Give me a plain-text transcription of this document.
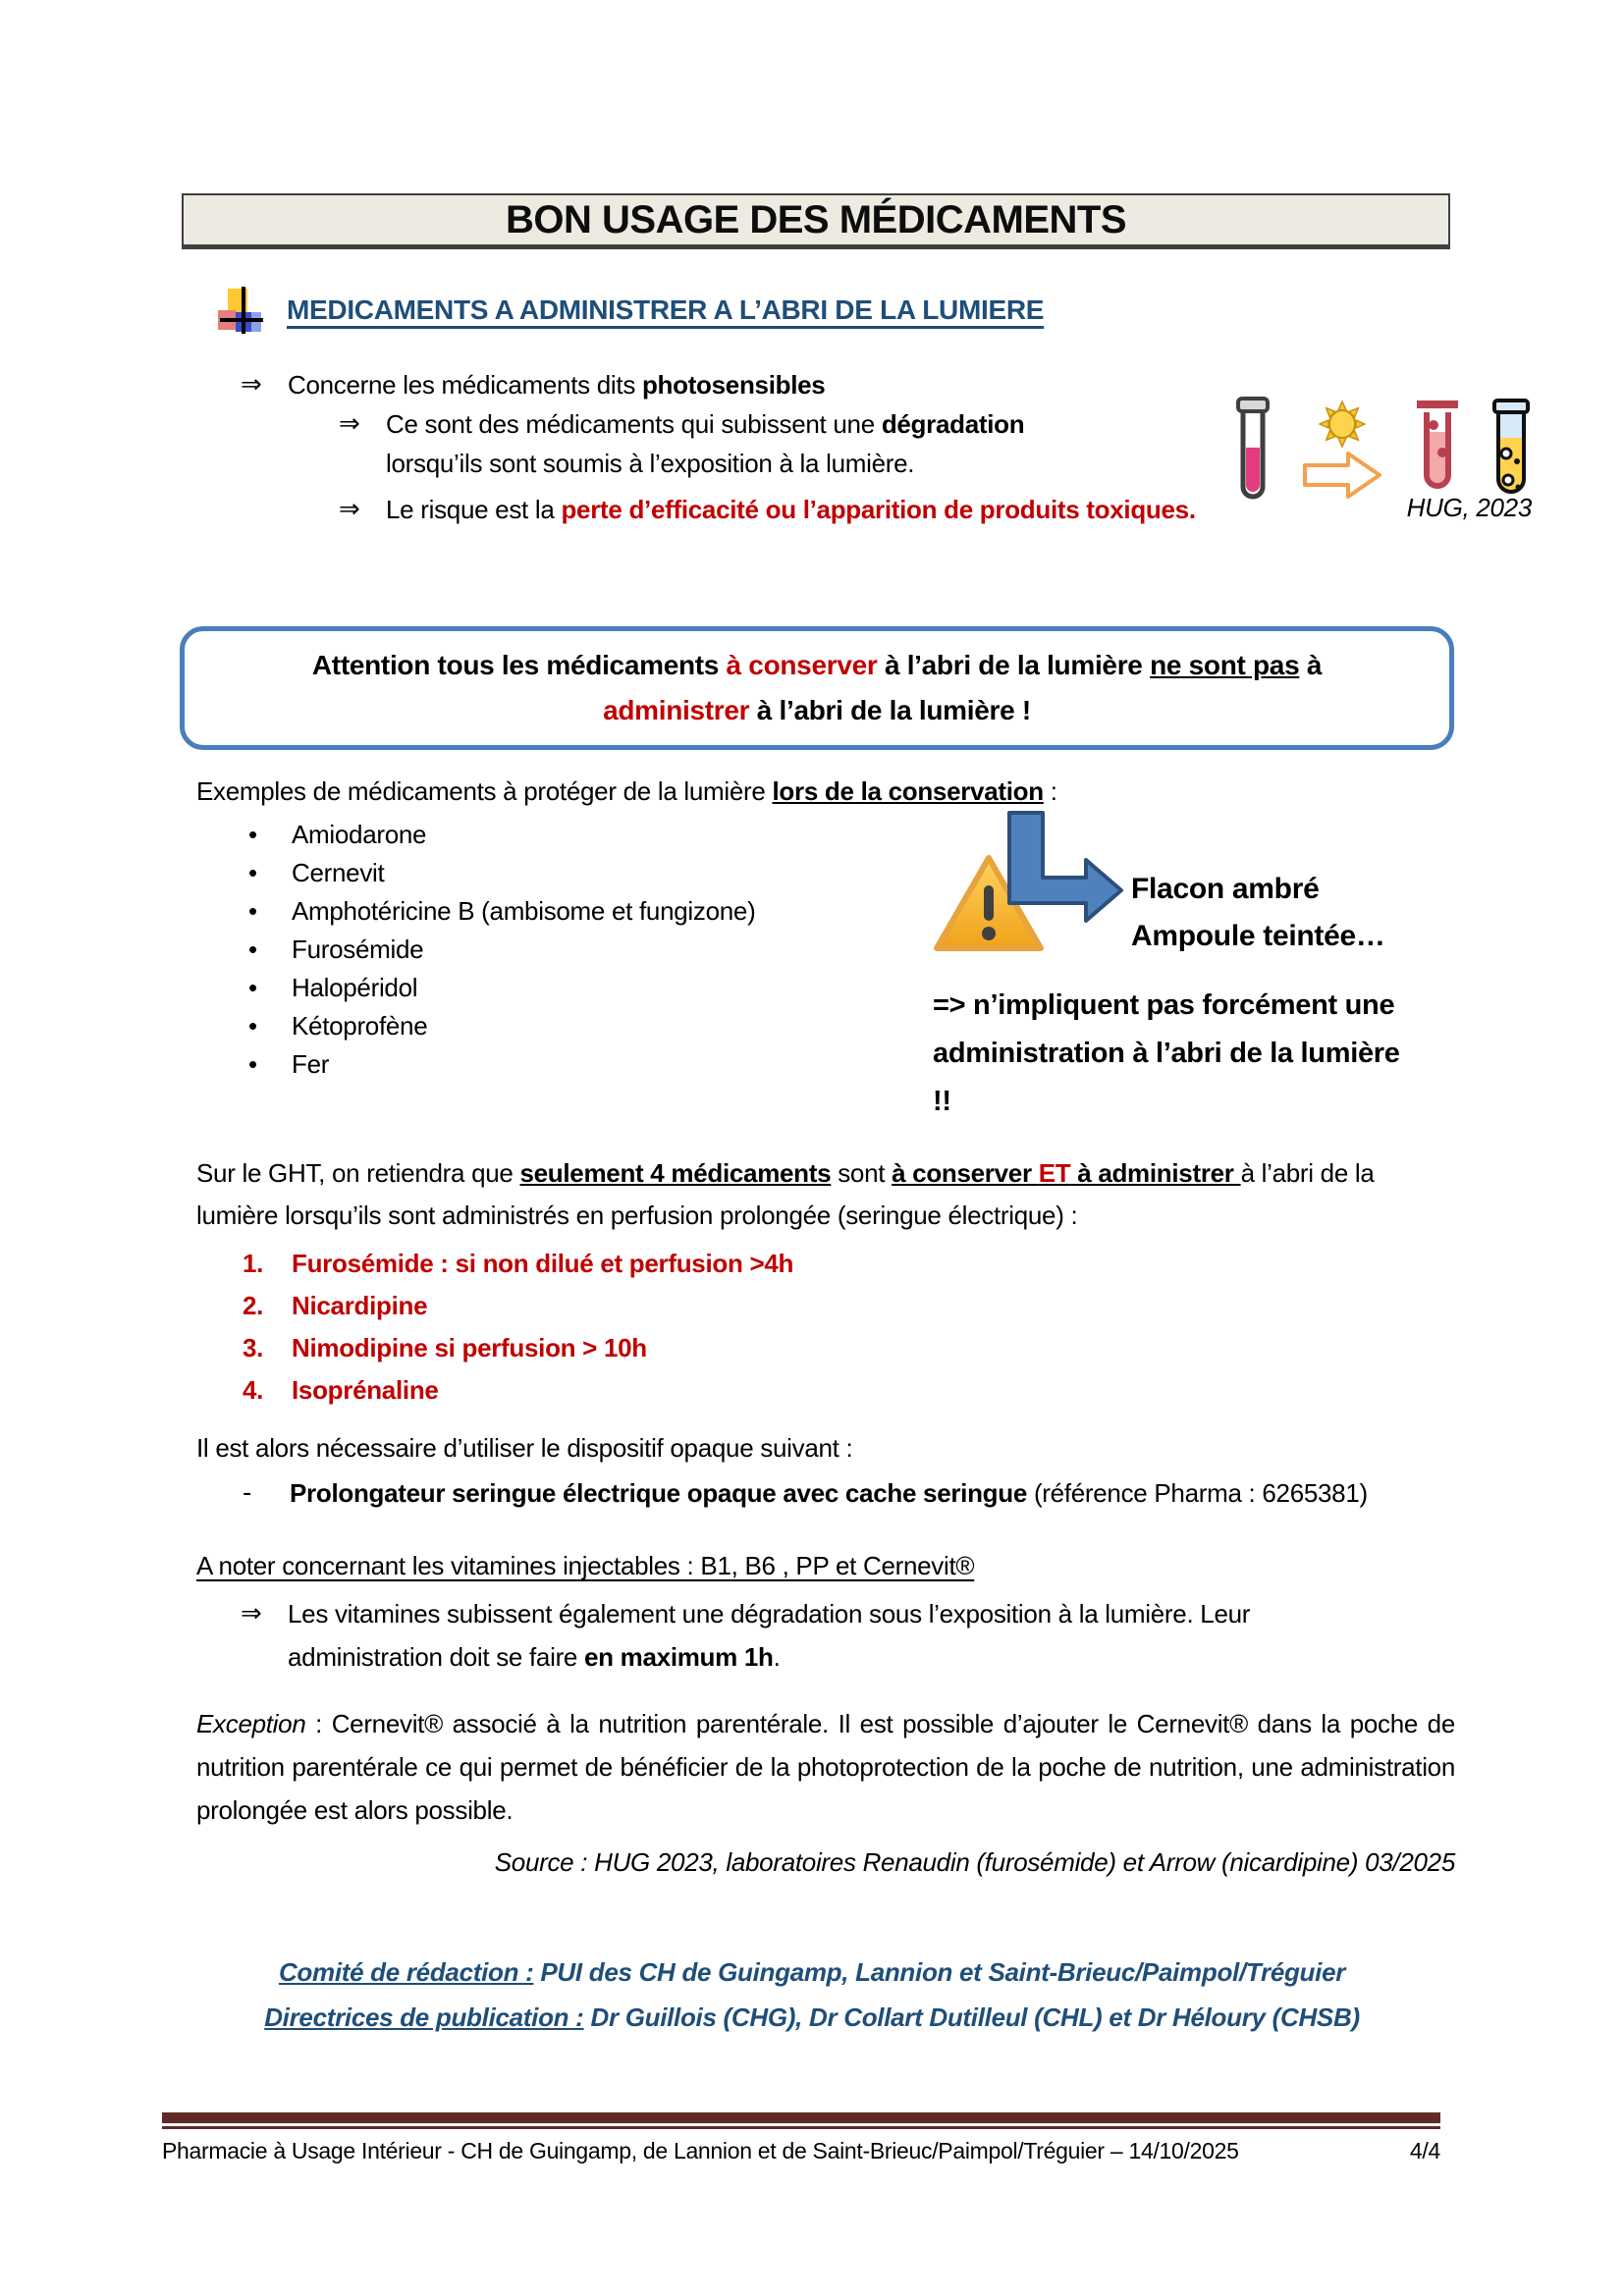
BON USAGE DES MÉDICAMENTS
MEDICAMENTS A ADMINISTRER A L’ABRI DE LA LUMIERE
⇒	Concerne les médicaments dits photosensibles
⇒	Ce sont des médicaments qui subissent une dégradation
lorsqu’ils sont soumis à l’exposition à la lumière.
⇒	Le risque est la perte d’efficacité ou l’apparition de produits toxiques.	HUG, 2023
Attention tous les médicaments à conserver à l’abri de la lumière ne sont pas à
administrer à l’abri de la lumière !
Exemples de médicaments à protéger de la lumière lors de la conservation :
• Amiodarone
• Cernevit
• Amphotéricine B (ambisome et fungizone)
• Furosémide
• Halopéridol
• Kétoprofène
• Fer
Flacon ambré
Ampoule teintée…
=> n’impliquent pas forcément une administration à l’abri de la lumière !!
Sur le GHT, on retiendra que seulement 4 médicaments sont à conserver ET à administrer à l’abri de la lumière lorsqu’ils sont administrés en perfusion prolongée (seringue électrique) :
1.	Furosémide : si non dilué et perfusion >4h
2.	Nicardipine
3.	Nimodipine si perfusion > 10h
4.	Isoprénaline
Il est alors nécessaire d’utiliser le dispositif opaque suivant :
-	Prolongateur seringue électrique opaque avec cache seringue (référence Pharma : 6265381)
A noter concernant les vitamines injectables : B1, B6 , PP et Cernevit®
⇒	Les vitamines subissent également une dégradation sous l’exposition à la lumière. Leur
administration doit se faire en maximum 1h.
Exception : Cernevit® associé à la nutrition parentérale. Il est possible d’ajouter le Cernevit® dans la poche de nutrition parentérale ce qui permet de bénéficier de la photoprotection de la poche de nutrition, une administration prolongée est alors possible.
Source : HUG 2023, laboratoires Renaudin (furosémide) et Arrow (nicardipine) 03/2025
Comité de rédaction : PUI des CH de Guingamp, Lannion et Saint-Brieuc/Paimpol/Tréguier
Directrices de publication : Dr Guillois (CHG), Dr Collart Dutilleul (CHL) et Dr Héloury (CHSB)
Pharmacie à Usage Intérieur - CH de Guingamp, de Lannion et de Saint-Brieuc/Paimpol/Tréguier – 14/10/2025	4/4
